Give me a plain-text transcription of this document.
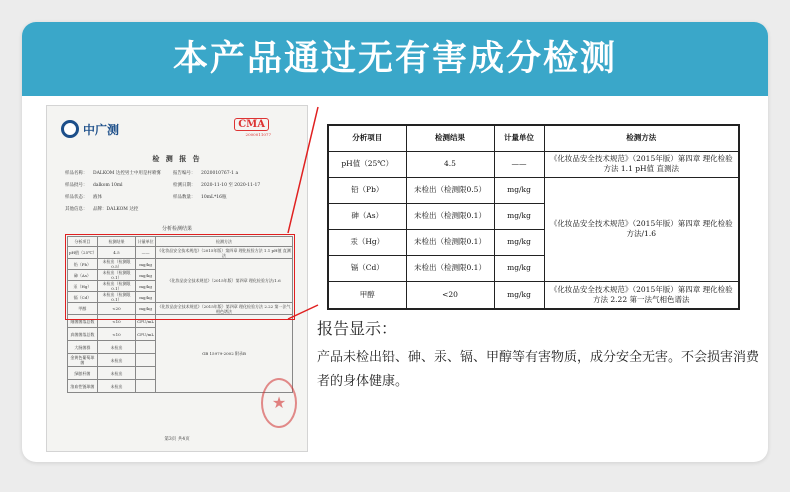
本产品通过无有害成分检测
中广测	CMA
2000011077
检 测 报 告
样品名称：	DALKOM 达控男士中用是村喷雾	报告编号：	2020010767-1 a
样品批号：	dalkom 10ml	检测日期：	2020-11-10 至 2020-11-17
样品状态：	液体	样品数量：	10mL*16瓶
其他信息：	品牌：DALKOM 达控
分析检测结果
分析项目	检测结果	计量单位	检测方法
pH值（25℃）	4.5	——	《化妆品安全技术规范》（2015年版）第四章 理化检验方法 1.1 pH值 直测法
铅（Pb）	未检出（检测限0.5）	mg/kg	《化妆品安全技术规范》（2015年版）第四章 理化检验方法/1.6
砷（As）	未检出（检测限0.1）	mg/kg	
汞（Hg）	未检出（检测限0.1）	mg/kg	
镉（Cd）	未检出（检测限0.1）	mg/kg	
甲醇	<20	mg/kg	《化妆品安全技术规范》（2015年版）第四章 理化检验方法 2.22 第一法气相色谱法
细菌菌落总数	<10	CFU/mL	GB 15979-2002 附录B
真菌菌落总数	<10	CFU/mL	
大肠菌群	未检出		
金黄色葡萄球菌	未检出		
绿脓杆菌	未检出		
溶血性链球菌	未检出		
★
第3页 共4页
分析项目	检测结果	计量单位	检测方法
pH值（25℃）	4.5	——	《化妆品安全技术规范》（2015年版）第四章 理化检验方法 1.1 pH值 直测法
铅（Pb）	未检出（检测限0.5）	mg/kg	《化妆品安全技术规范》（2015年版）第四章 理化检验方法/1.6
砷（As）	未检出（检测限0.1）	mg/kg	
汞（Hg）	未检出（检测限0.1）	mg/kg	
镉（Cd）	未检出（检测限0.1）	mg/kg	
甲醇	<20	mg/kg	《化妆品安全技术规范》（2015年版）第四章 理化检验方法 2.22 第一法气相色谱法
报告显示：
产品未检出铅、砷、汞、镉、甲醇等有害物质，成分安全无害。不会损害消费者的身体健康。
